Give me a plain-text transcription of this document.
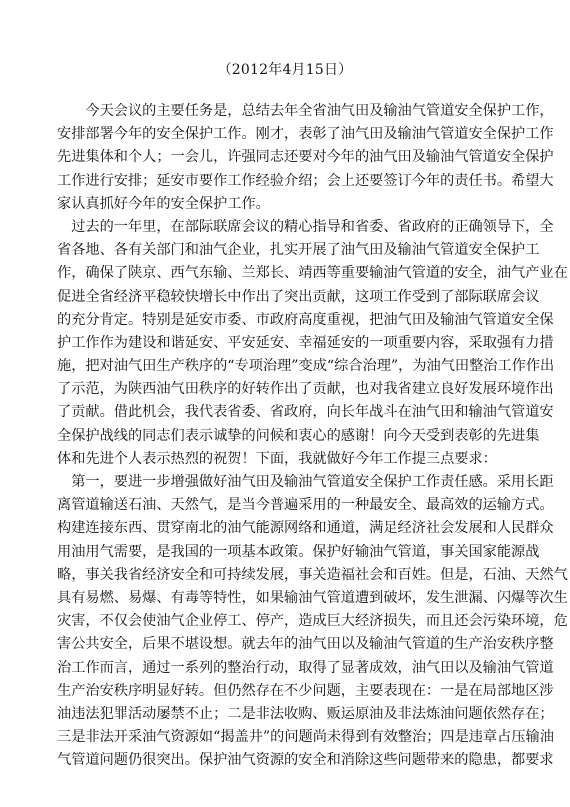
（2012年4月15日）
　　今天会议的主要任务是，总结去年全省油气田及输油气管道安全保护工作，
安排部署今年的安全保护工作。刚才，表彰了油气田及输油气管道安全保护工作
先进集体和个人；一会儿，许强同志还要对今年的油气田及输油气管道安全保护
工作进行安排；延安市要作工作经验介绍；会上还要签订今年的责任书。希望大
家认真抓好今年的安全保护工作。
　过去的一年里，在部际联席会议的精心指导和省委、省政府的正确领导下，全
省各地、各有关部门和油气企业，扎实开展了油气田及输油气管道安全保护工
作，确保了陕京、西气东输、兰郑长、靖西等重要输油气管道的安全，油气产业在
促进全省经济平稳较快增长中作出了突出贡献，这项工作受到了部际联席会议
的充分肯定。特别是延安市委、市政府高度重视，把油气田及输油气管道安全保
护工作作为建设和谐延安、平安延安、幸福延安的一项重要内容，采取强有力措
施，把对油气田生产秩序的“专项治理”变成“综合治理”，为油气田整治工作作出
了示范，为陕西油气田秩序的好转作出了贡献，也对我省建立良好发展环境作出
了贡献。借此机会，我代表省委、省政府，向长年战斗在油气田和输油气管道安
全保护战线的同志们表示诚挚的问候和衷心的感谢！向今天受到表彰的先进集
体和先进个人表示热烈的祝贺！下面，我就做好今年工作提三点要求：
　第一，要进一步增强做好油气田及输油气管道安全保护工作责任感。采用长距
离管道输送石油、天然气，是当今普遍采用的一种最安全、最高效的运输方式。
构建连接东西、贯穿南北的油气能源网络和通道，满足经济社会发展和人民群众
用油用气需要，是我国的一项基本政策。保护好输油气管道，事关国家能源战
略，事关我省经济安全和可持续发展，事关造福社会和百姓。但是，石油、天然气
具有易燃、易爆、有毒等特性，如果输油气管道遭到破坏，发生泄漏、闪爆等次生
灾害，不仅会使油气企业停工、停产，造成巨大经济损失，而且还会污染环境，危
害公共安全，后果不堪设想。就去年的油气田以及输油气管道的生产治安秩序整
治工作而言，通过一系列的整治行动，取得了显著成效，油气田以及输油气管道
生产治安秩序明显好转。但仍然存在不少问题，主要表现在：一是在局部地区涉
油违法犯罪活动屡禁不止；二是非法收购、贩运原油及非法炼油问题依然存在；
三是非法开采油气资源如“揭盖井”的问题尚未得到有效整治；四是违章占压输油
气管道问题仍很突出。保护油气资源的安全和消除这些问题带来的隐患，都要求
